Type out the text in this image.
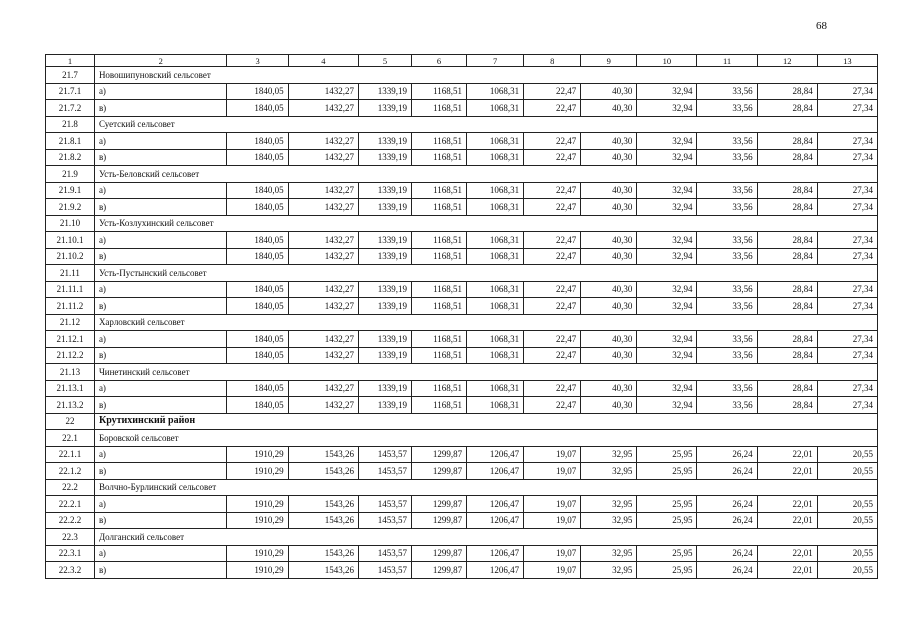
68
1	2	3	4	5	6	7	8	9	10	11	12	13
21.7	Новошипуновский сельсовет											
21.7.1	а)	1840,05	1432,27	1339,19	1168,51	1068,31	22,47	40,30	32,94	33,56	28,84	27,34
21.7.2	в)	1840,05	1432,27	1339,19	1168,51	1068,31	22,47	40,30	32,94	33,56	28,84	27,34
21.8	Суетский сельсовет											
21.8.1	а)	1840,05	1432,27	1339,19	1168,51	1068,31	22,47	40,30	32,94	33,56	28,84	27,34
21.8.2	в)	1840,05	1432,27	1339,19	1168,51	1068,31	22,47	40,30	32,94	33,56	28,84	27,34
21.9	Усть-Беловский сельсовет											
21.9.1	а)	1840,05	1432,27	1339,19	1168,51	1068,31	22,47	40,30	32,94	33,56	28,84	27,34
21.9.2	в)	1840,05	1432,27	1339,19	1168,51	1068,31	22,47	40,30	32,94	33,56	28,84	27,34
21.10	Усть-Козлухинский сельсовет											
21.10.1	а)	1840,05	1432,27	1339,19	1168,51	1068,31	22,47	40,30	32,94	33,56	28,84	27,34
21.10.2	в)	1840,05	1432,27	1339,19	1168,51	1068,31	22,47	40,30	32,94	33,56	28,84	27,34
21.11	Усть-Пустынский сельсовет											
21.11.1	а)	1840,05	1432,27	1339,19	1168,51	1068,31	22,47	40,30	32,94	33,56	28,84	27,34
21.11.2	в)	1840,05	1432,27	1339,19	1168,51	1068,31	22,47	40,30	32,94	33,56	28,84	27,34
21.12	Харловский сельсовет											
21.12.1	а)	1840,05	1432,27	1339,19	1168,51	1068,31	22,47	40,30	32,94	33,56	28,84	27,34
21.12.2	в)	1840,05	1432,27	1339,19	1168,51	1068,31	22,47	40,30	32,94	33,56	28,84	27,34
21.13	Чинетинский сельсовет											
21.13.1	а)	1840,05	1432,27	1339,19	1168,51	1068,31	22,47	40,30	32,94	33,56	28,84	27,34
21.13.2	в)	1840,05	1432,27	1339,19	1168,51	1068,31	22,47	40,30	32,94	33,56	28,84	27,34
22	Крутихинский район											
22.1	Боровской сельсовет											
22.1.1	а)	1910,29	1543,26	1453,57	1299,87	1206,47	19,07	32,95	25,95	26,24	22,01	20,55
22.1.2	в)	1910,29	1543,26	1453,57	1299,87	1206,47	19,07	32,95	25,95	26,24	22,01	20,55
22.2	Волчно-Бурлинский сельсовет											
22.2.1	а)	1910,29	1543,26	1453,57	1299,87	1206,47	19,07	32,95	25,95	26,24	22,01	20,55
22.2.2	в)	1910,29	1543,26	1453,57	1299,87	1206,47	19,07	32,95	25,95	26,24	22,01	20,55
22.3	Долганский сельсовет											
22.3.1	а)	1910,29	1543,26	1453,57	1299,87	1206,47	19,07	32,95	25,95	26,24	22,01	20,55
22.3.2	в)	1910,29	1543,26	1453,57	1299,87	1206,47	19,07	32,95	25,95	26,24	22,01	20,55
